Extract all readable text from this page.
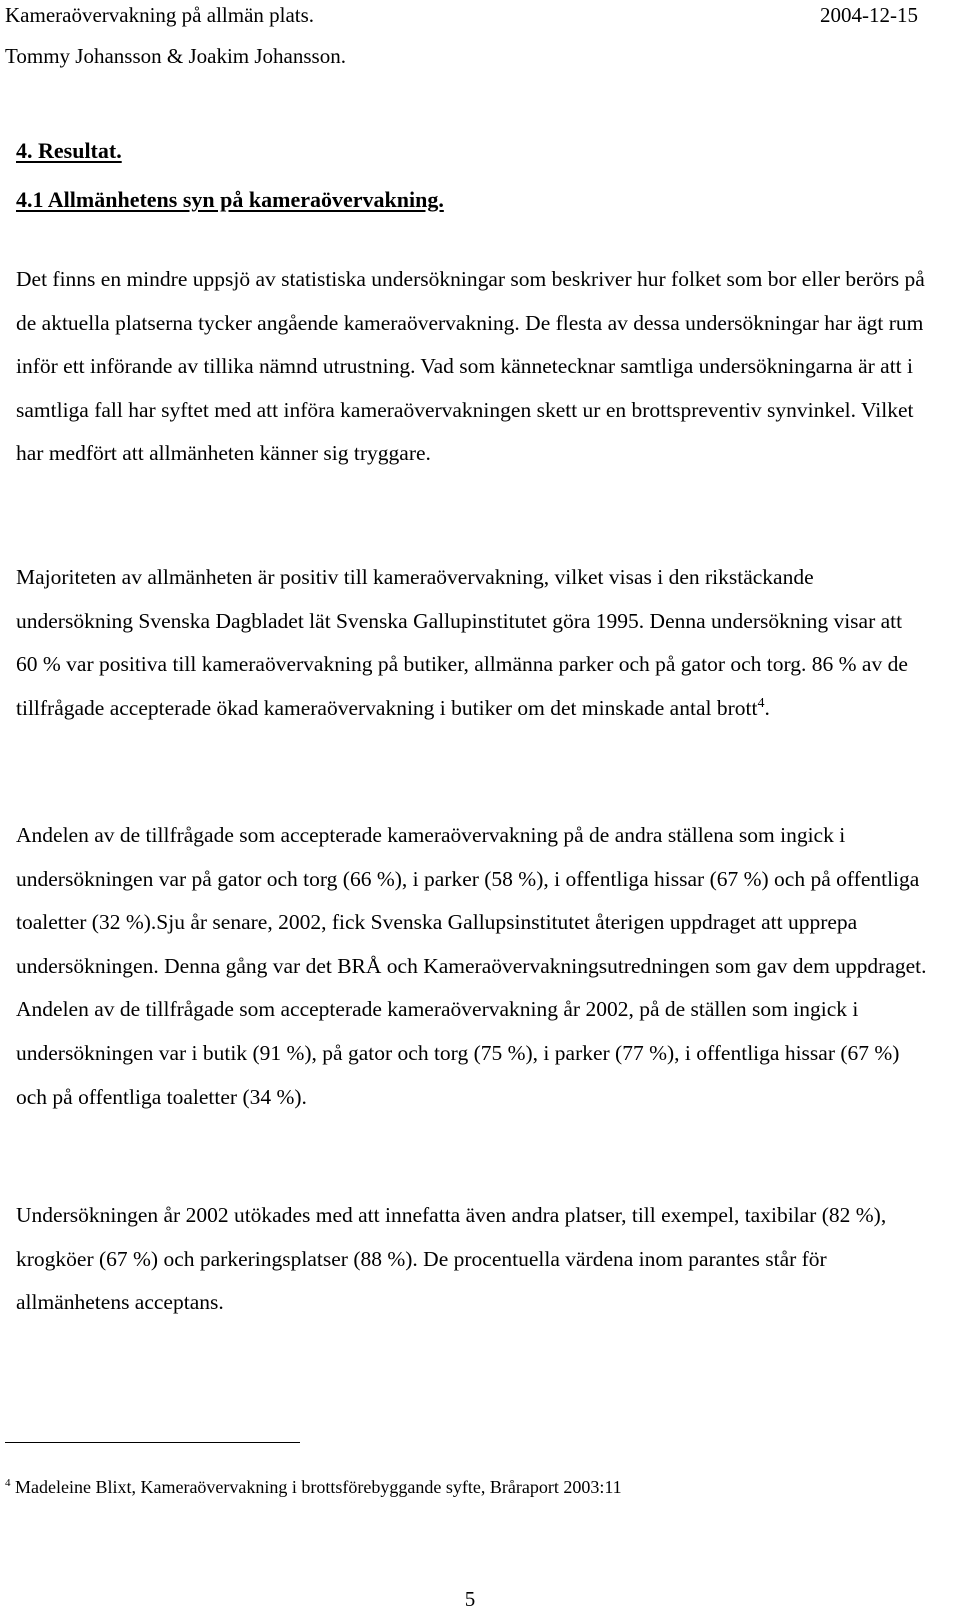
Kameraövervakning på allmän plats.	2004-12-15
Tommy Johansson & Joakim Johansson.
4. Resultat.
4.1 Allmänhetens syn på kameraövervakning.
Det finns en mindre uppsjö av statistiska undersökningar som beskriver hur folket som bor eller berörs på de aktuella platserna tycker angående kameraövervakning. De flesta av dessa undersökningar har ägt rum inför ett införande av tillika nämnd utrustning. Vad som kännetecknar samtliga undersökningarna är att i samtliga fall har syftet med att införa kameraövervakningen skett ur en brottspreventiv synvinkel. Vilket har medfört att allmänheten känner sig tryggare.
Majoriteten av allmänheten är positiv till kameraövervakning, vilket visas i den rikstäckande undersökning Svenska Dagbladet lät Svenska Gallupinstitutet göra 1995. Denna undersökning visar att 60 % var positiva till kameraövervakning på butiker, allmänna parker och på gator och torg. 86 % av de tillfrågade accepterade ökad kameraövervakning i butiker om det minskade antal brott$^4$.
Andelen av de tillfrågade som accepterade kameraövervakning på de andra ställena som ingick i undersökningen var på gator och torg (66 %), i parker (58 %), i offentliga hissar (67 %) och på offentliga toaletter (32 %).Sju år senare, 2002, fick Svenska Gallupsinstitutet återigen uppdraget att upprepa undersökningen. Denna gång var det BRÅ och Kameraövervakningsutredningen som gav dem uppdraget. Andelen av de tillfrågade som accepterade kameraövervakning år 2002, på de ställen som ingick i undersökningen var i butik (91 %), på gator och torg (75 %), i parker (77 %), i offentliga hissar (67 %) och på offentliga toaletter (34 %).
Undersökningen år 2002 utökades med att innefatta även andra platser, till exempel, taxibilar (82 %), krogköer (67 %) och parkeringsplatser (88 %). De procentuella värdena inom parantes står för allmänhetens acceptans.
$^4$ Madeleine Blixt, Kameraövervakning i brottsförebyggande syfte, Bråraport 2003:11
5
